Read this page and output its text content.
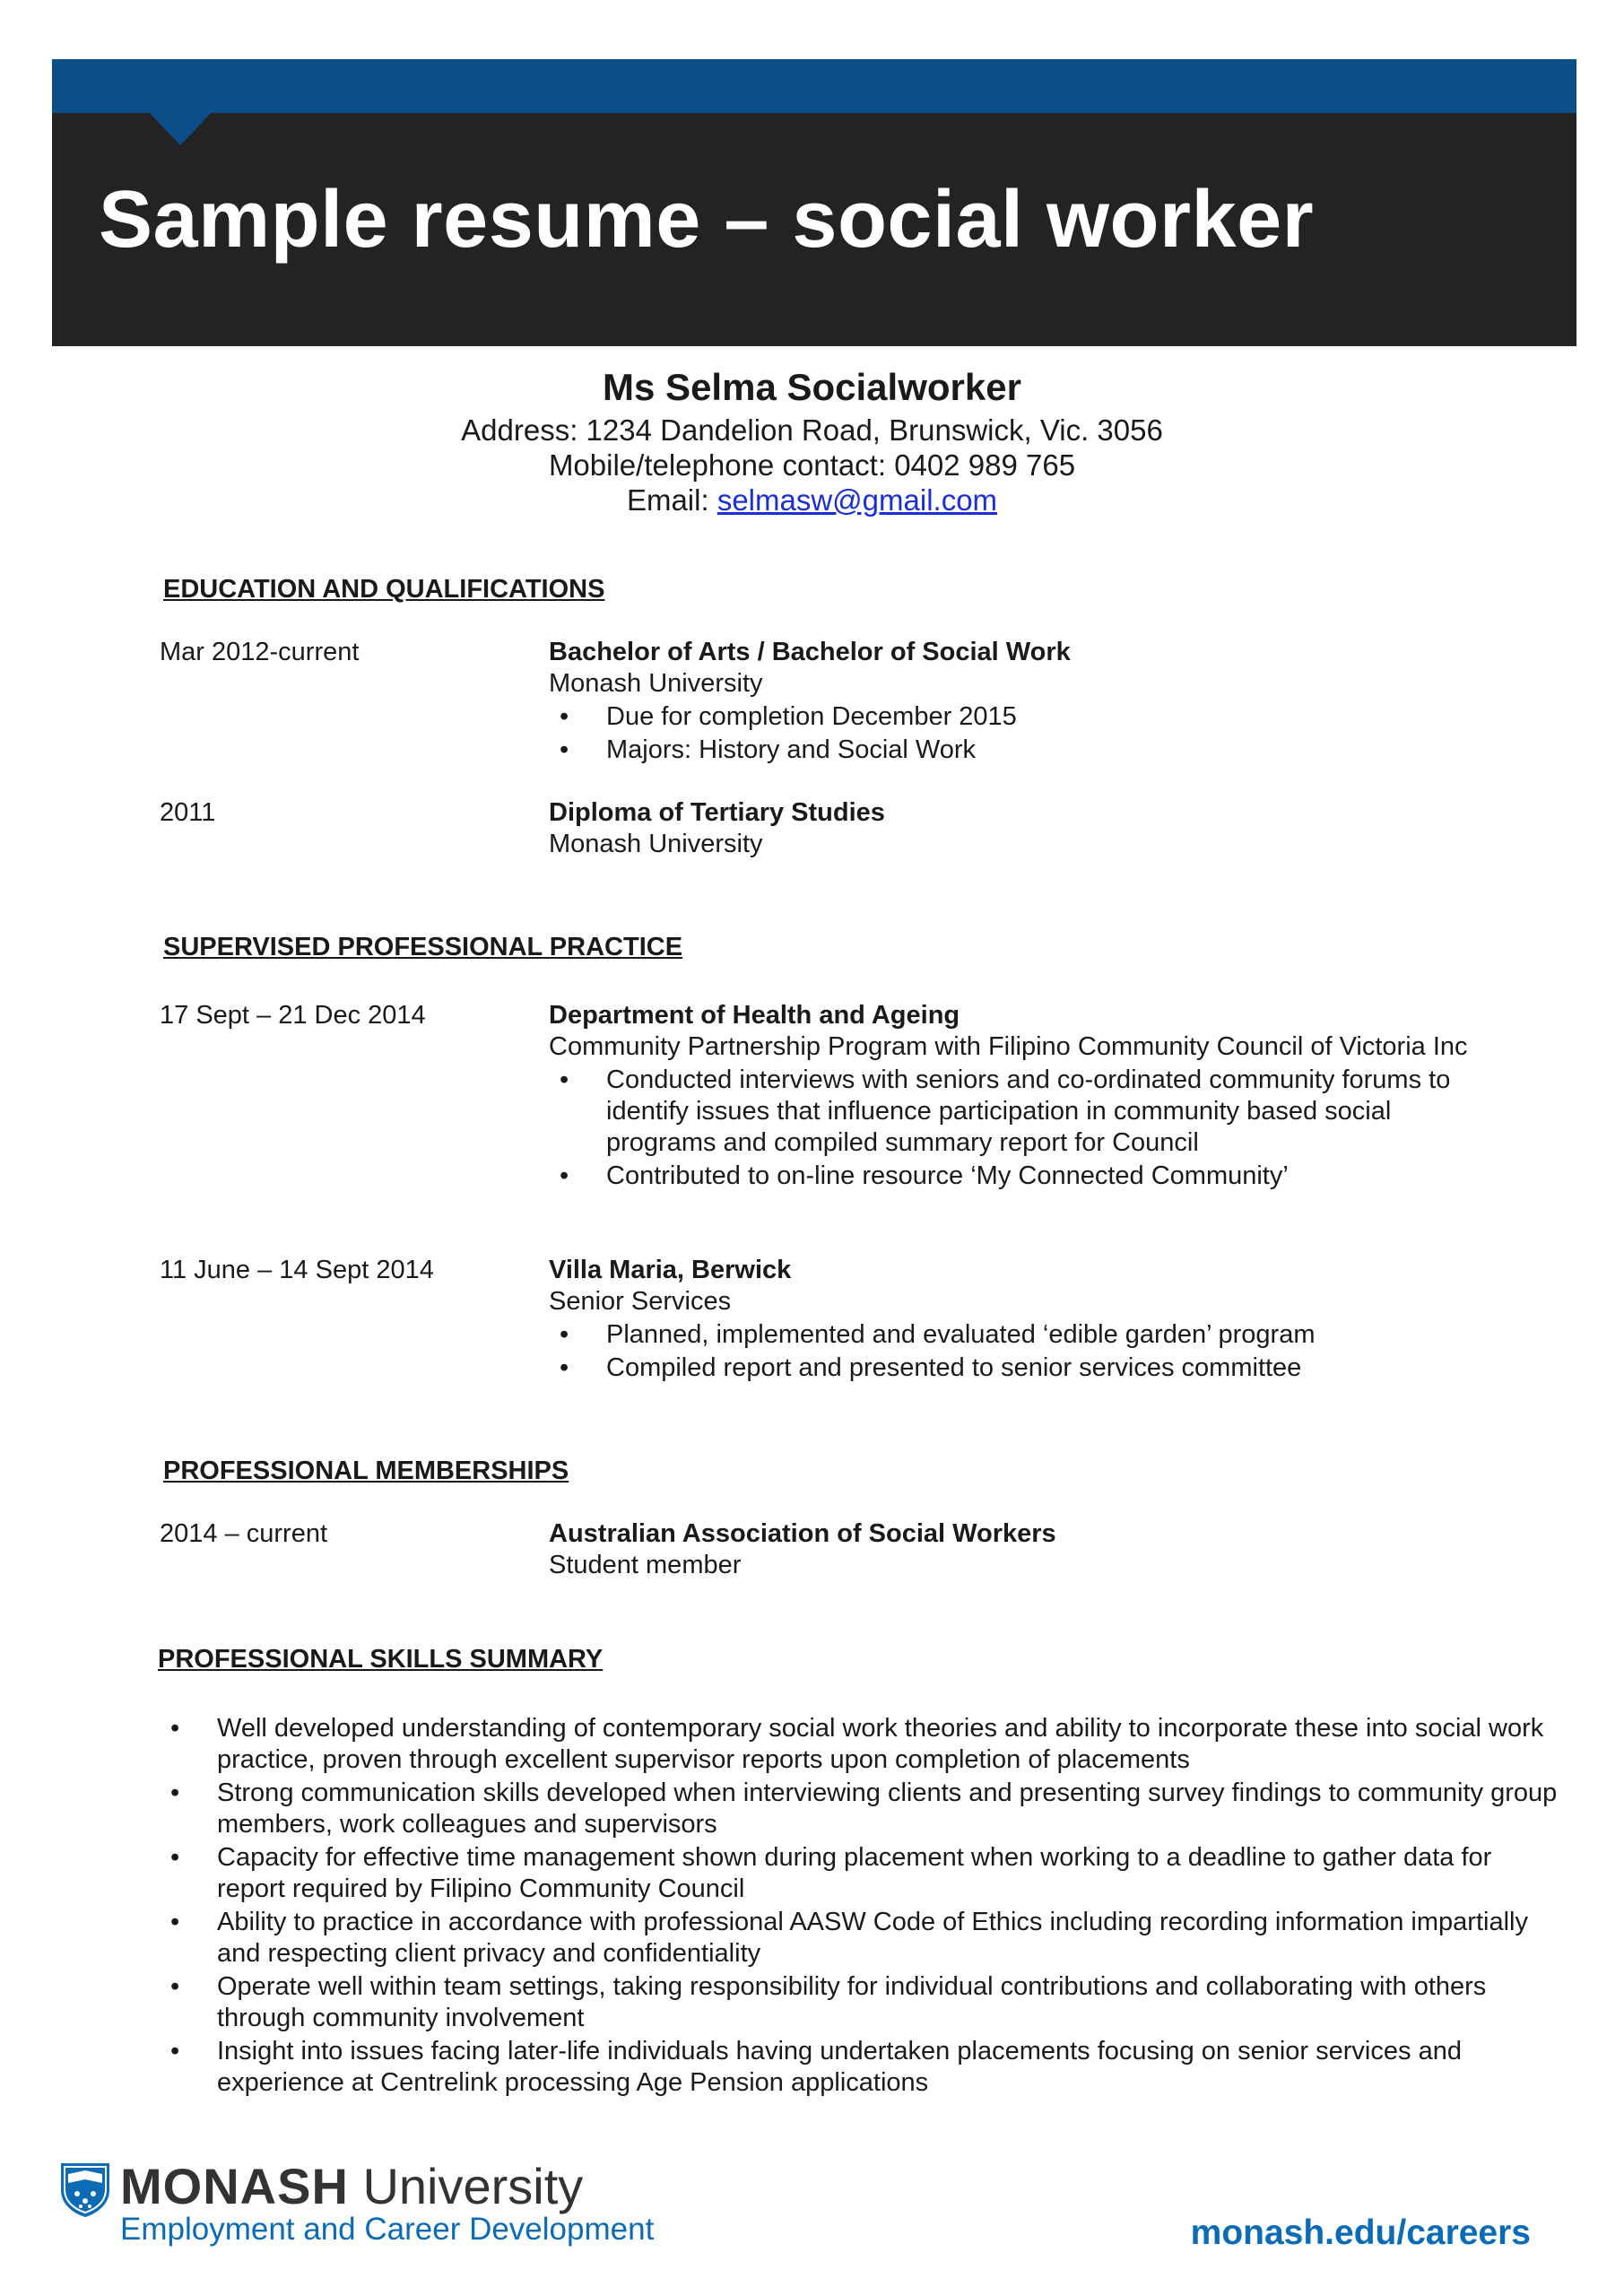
Sample resume – social worker
Ms Selma Socialworker
Address: 1234 Dandelion Road, Brunswick, Vic. 3056
Mobile/telephone contact: 0402 989 765
Email: selmasw@gmail.com
EDUCATION AND QUALIFICATIONS
Mar 2012-current	Bachelor of Arts / Bachelor of Social Work
Monash University
• Due for completion December 2015
• Majors: History and Social Work
2011	Diploma of Tertiary Studies
Monash University
SUPERVISED PROFESSIONAL PRACTICE
17 Sept – 21 Dec 2014	Department of Health and Ageing
Community Partnership Program with Filipino Community Council of Victoria Inc
• Conducted interviews with seniors and co-ordinated community forums to identify issues that influence participation in community based social programs and compiled summary report for Council
• Contributed to on-line resource ‘My Connected Community’
11 June – 14 Sept 2014	Villa Maria, Berwick
Senior Services
• Planned, implemented and evaluated ‘edible garden’ program
• Compiled report and presented to senior services committee
PROFESSIONAL MEMBERSHIPS
2014 – current	Australian Association of Social Workers
Student member
PROFESSIONAL SKILLS SUMMARY
• Well developed understanding of contemporary social work theories and ability to incorporate these into social work practice, proven through excellent supervisor reports upon completion of placements
• Strong communication skills developed when interviewing clients and presenting survey findings to community group members, work colleagues and supervisors
• Capacity for effective time management shown during placement when working to a deadline to gather data for report required by Filipino Community Council
• Ability to practice in accordance with professional AASW Code of Ethics including recording information impartially and respecting client privacy and confidentiality
• Operate well within team settings, taking responsibility for individual contributions and collaborating with others through community involvement
• Insight into issues facing later-life individuals having undertaken placements focusing on senior services and experience at Centrelink processing Age Pension applications
MONASH University
Employment and Career Development	monash.edu/careers
